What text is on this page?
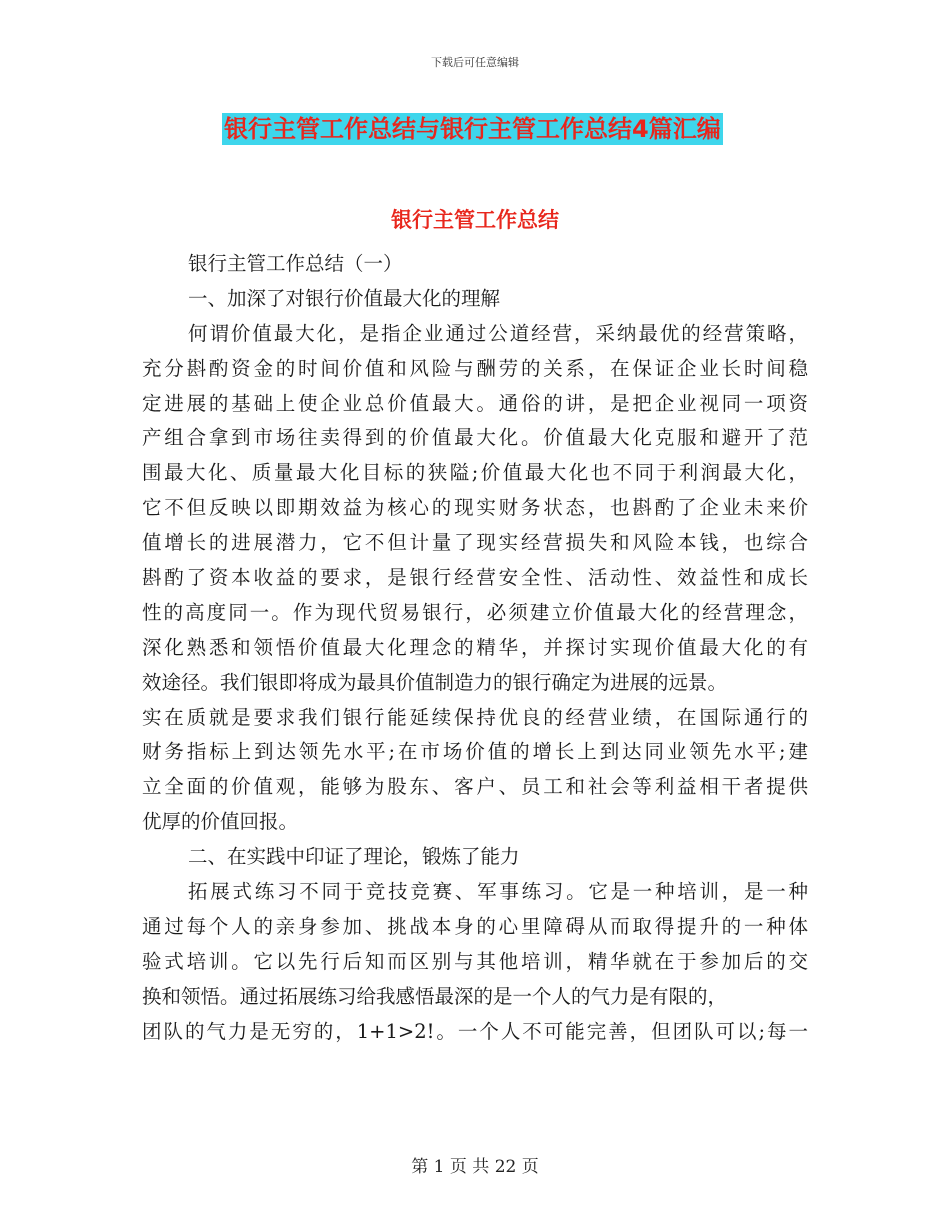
下载后可任意编辑
银行主管工作总结与银行主管工作总结4篇汇编
银行主管工作总结
银行主管工作总结（一）
一、加深了对银行价值最大化的理解
何谓价值最大化，是指企业通过公道经营，采纳最优的经营策略，
充分斟酌资金的时间价值和风险与酬劳的关系，在保证企业长时间稳
定进展的基础上使企业总价值最大。通俗的讲，是把企业视同一项资
产组合拿到市场往卖得到的价值最大化。价值最大化克服和避开了范
围最大化、质量最大化目标的狭隘;价值最大化也不同于利润最大化，
它不但反映以即期效益为核心的现实财务状态，也斟酌了企业未来价
值增长的进展潜力，它不但计量了现实经营损失和风险本钱，也综合
斟酌了资本收益的要求，是银行经营安全性、活动性、效益性和成长
性的高度同一。作为现代贸易银行，必须建立价值最大化的经营理念，
深化熟悉和领悟价值最大化理念的精华，并探讨实现价值最大化的有
效途径。我们银即将成为最具价值制造力的银行确定为进展的远景。
实在质就是要求我们银行能延续保持优良的经营业绩，在国际通行的
财务指标上到达领先水平;在市场价值的增长上到达同业领先水平;建
立全面的价值观，能够为股东、客户、员工和社会等利益相干者提供
优厚的价值回报。
二、在实践中印证了理论，锻炼了能力
拓展式练习不同于竞技竞赛、军事练习。它是一种培训，是一种
通过每个人的亲身参加、挑战本身的心里障碍从而取得提升的一种体
验式培训。它以先行后知而区别与其他培训，精华就在于参加后的交
换和领悟。通过拓展练习给我感悟最深的是一个人的气力是有限的，
团队的气力是无穷的，1+1>2!。一个人不可能完善，但团队可以;每一
第 1 页 共 22 页
